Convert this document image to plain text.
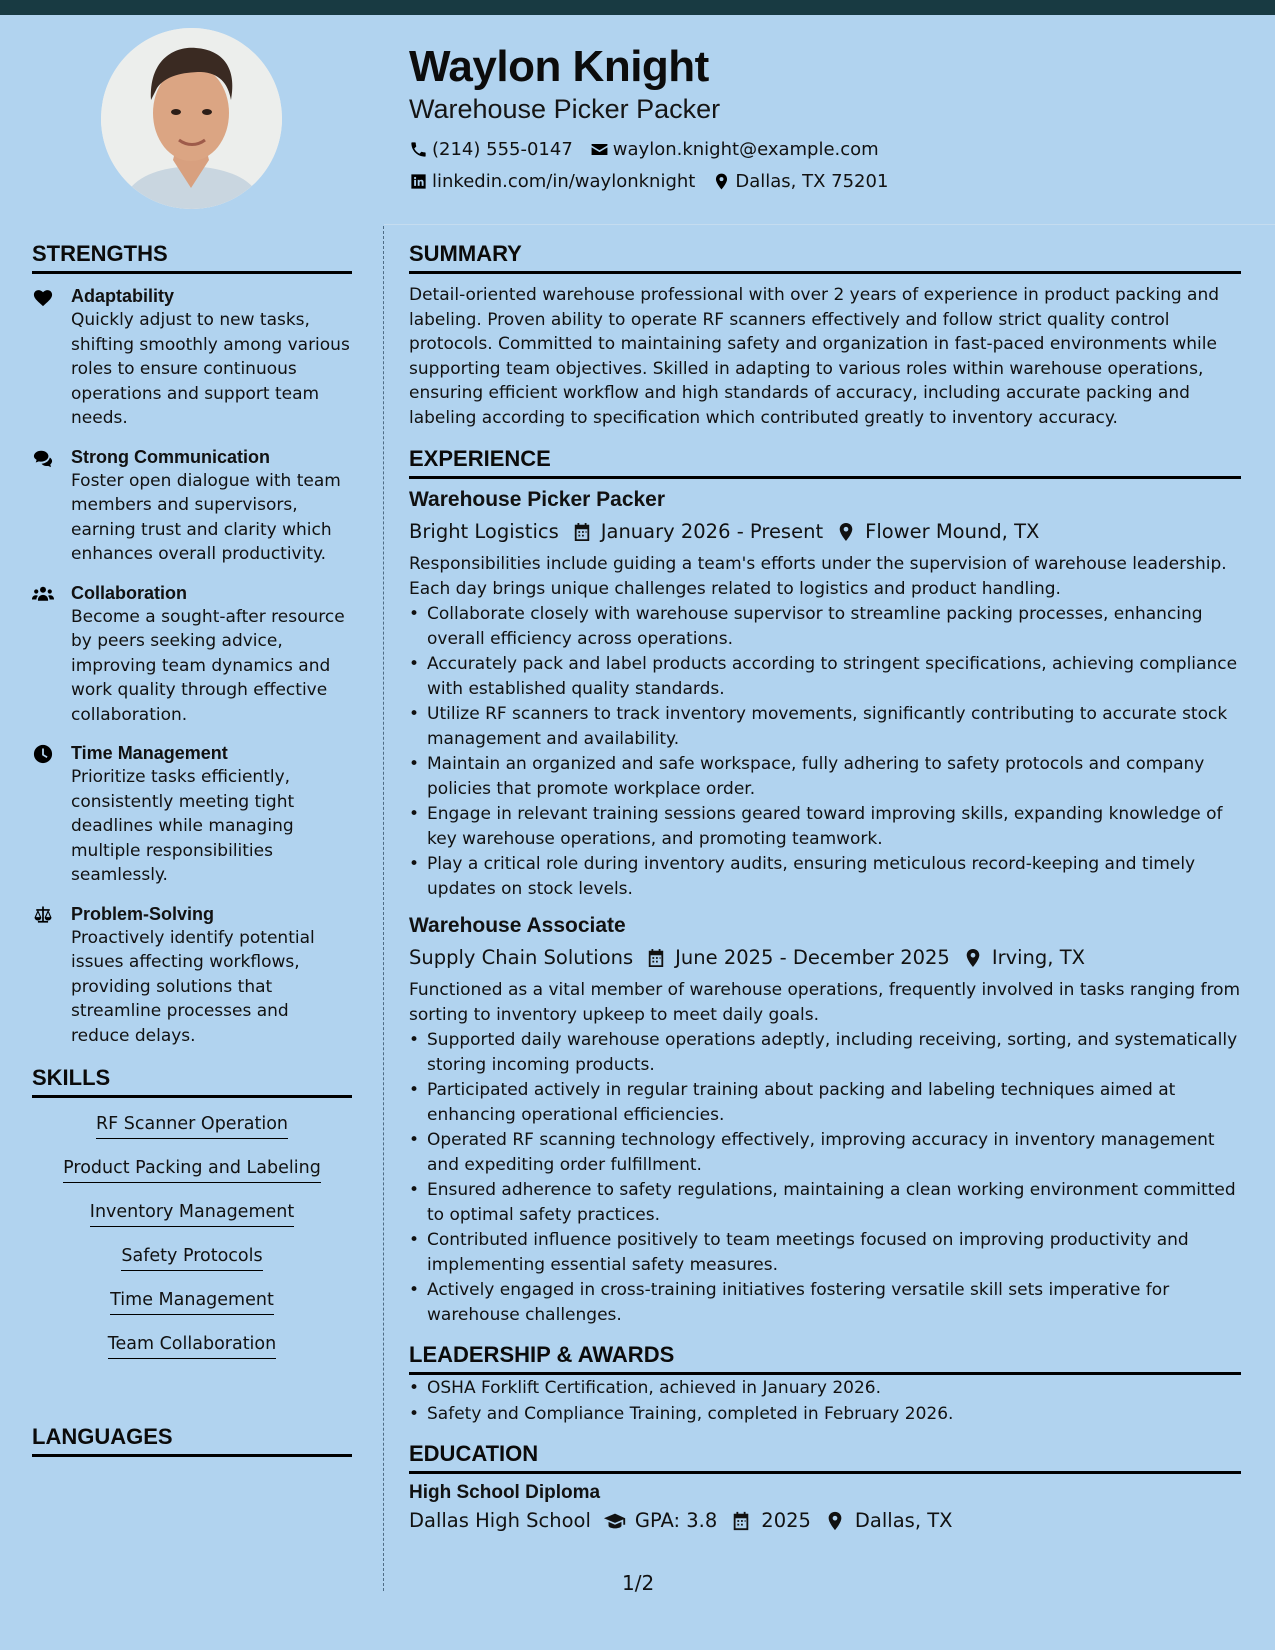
Waylon Knight
Warehouse Picker Packer
(214) 555-0147 waylon.knight@example.com
linkedin.com/in/waylonknight Dallas, TX 75201
STRENGTHS
Adaptability
Quickly adjust to new tasks, shifting smoothly among various roles to ensure continuous operations and support team needs.
Strong Communication
Foster open dialogue with team members and supervisors, earning trust and clarity which enhances overall productivity.
Collaboration
Become a sought-after resource by peers seeking advice, improving team dynamics and work quality through effective collaboration.
Time Management
Prioritize tasks efficiently, consistently meeting tight deadlines while managing multiple responsibilities seamlessly.
Problem-Solving
Proactively identify potential issues affecting workflows, providing solutions that streamline processes and reduce delays.
SKILLS
RF Scanner Operation
Product Packing and Labeling
Inventory Management
Safety Protocols
Time Management
Team Collaboration
LANGUAGES
SUMMARY
Detail-oriented warehouse professional with over 2 years of experience in product packing and labeling. Proven ability to operate RF scanners effectively and follow strict quality control protocols. Committed to maintaining safety and organization in fast-paced environments while supporting team objectives. Skilled in adapting to various roles within warehouse operations, ensuring efficient workflow and high standards of accuracy, including accurate packing and labeling according to specification which contributed greatly to inventory accuracy.
EXPERIENCE
Warehouse Picker Packer
Bright Logistics January 2026 - Present Flower Mound, TX
Responsibilities include guiding a team's efforts under the supervision of warehouse leadership. Each day brings unique challenges related to logistics and product handling.
• Collaborate closely with warehouse supervisor to streamline packing processes, enhancing overall efficiency across operations.
• Accurately pack and label products according to stringent specifications, achieving compliance with established quality standards.
• Utilize RF scanners to track inventory movements, significantly contributing to accurate stock management and availability.
• Maintain an organized and safe workspace, fully adhering to safety protocols and company policies that promote workplace order.
• Engage in relevant training sessions geared toward improving skills, expanding knowledge of key warehouse operations, and promoting teamwork.
• Play a critical role during inventory audits, ensuring meticulous record-keeping and timely updates on stock levels.
Warehouse Associate
Supply Chain Solutions June 2025 - December 2025 Irving, TX
Functioned as a vital member of warehouse operations, frequently involved in tasks ranging from sorting to inventory upkeep to meet daily goals.
• Supported daily warehouse operations adeptly, including receiving, sorting, and systematically storing incoming products.
• Participated actively in regular training about packing and labeling techniques aimed at enhancing operational efficiencies.
• Operated RF scanning technology effectively, improving accuracy in inventory management and expediting order fulfillment.
• Ensured adherence to safety regulations, maintaining a clean working environment committed to optimal safety practices.
• Contributed influence positively to team meetings focused on improving productivity and implementing essential safety measures.
• Actively engaged in cross-training initiatives fostering versatile skill sets imperative for warehouse challenges.
LEADERSHIP & AWARDS
• OSHA Forklift Certification, achieved in January 2026.
• Safety and Compliance Training, completed in February 2026.
EDUCATION
High School Diploma
Dallas High School GPA: 3.8 2025 Dallas, TX
1/2
